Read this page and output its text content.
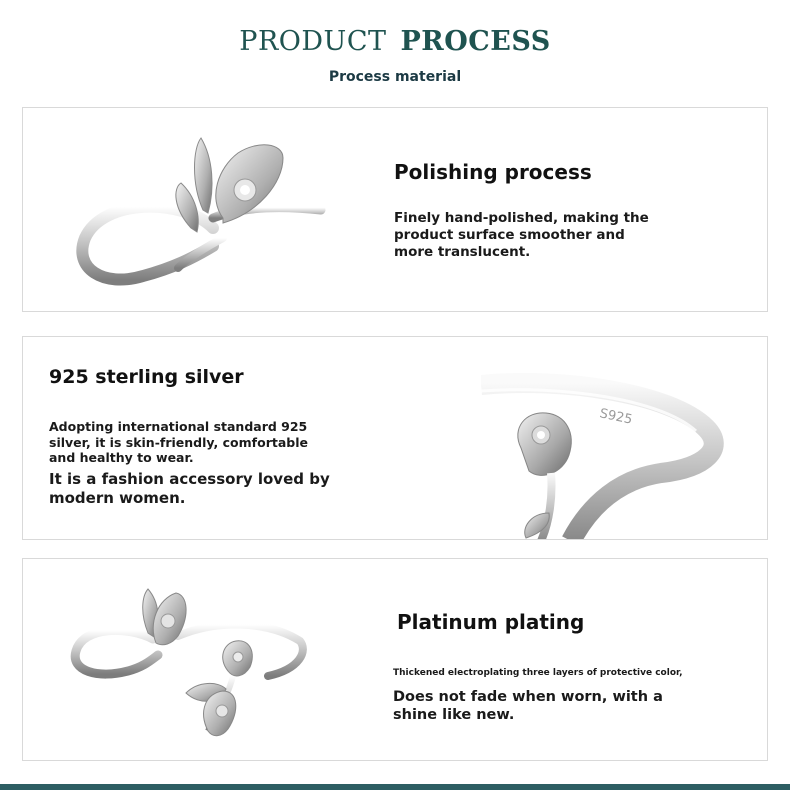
PRODUCT PROCESS
Process material
Polishing process
Finely hand-polished, making the product surface smoother and more translucent.
925 sterling silver
Adopting international standard 925 silver, it is skin-friendly, comfortable and healthy to wear.
It is a fashion accessory loved by modern women.
S925
Platinum plating
Thickened electroplating three layers of protective color,
Does not fade when worn, with a shine like new.
